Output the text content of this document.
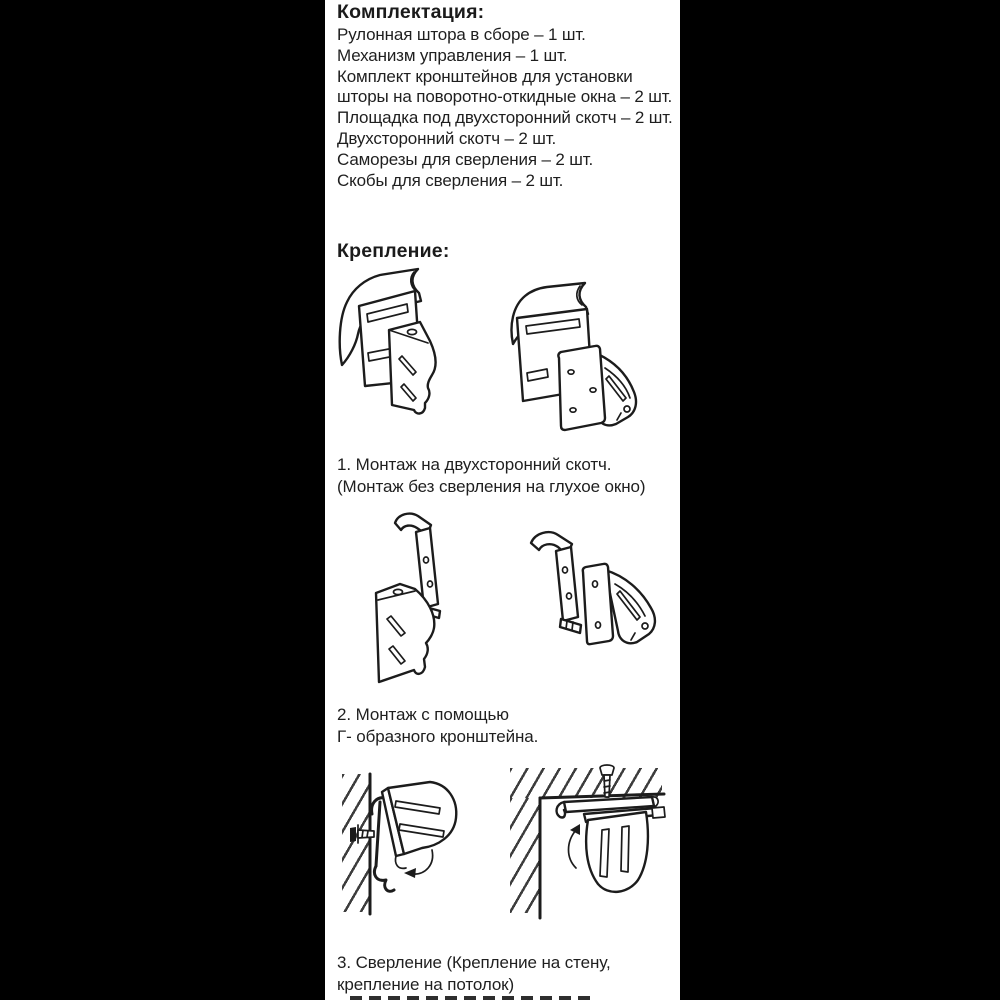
Комплектация:
Рулонная штора в сборе – 1 шт.
Механизм управления – 1 шт.
Комплект кронштейнов для установки
шторы на поворотно-откидные окна – 2 шт.
Площадка под двухсторонний скотч – 2 шт.
Двухсторонний скотч – 2 шт.
Саморезы для сверления – 2 шт.
Скобы для сверления – 2 шт.
Крепление:
1. Монтаж на двухсторонний скотч.
(Монтаж без сверления на глухое окно)
2. Монтаж с помощью
Г- образного кронштейна.
3. Сверление (Крепление на стену,
крепление на потолок)
